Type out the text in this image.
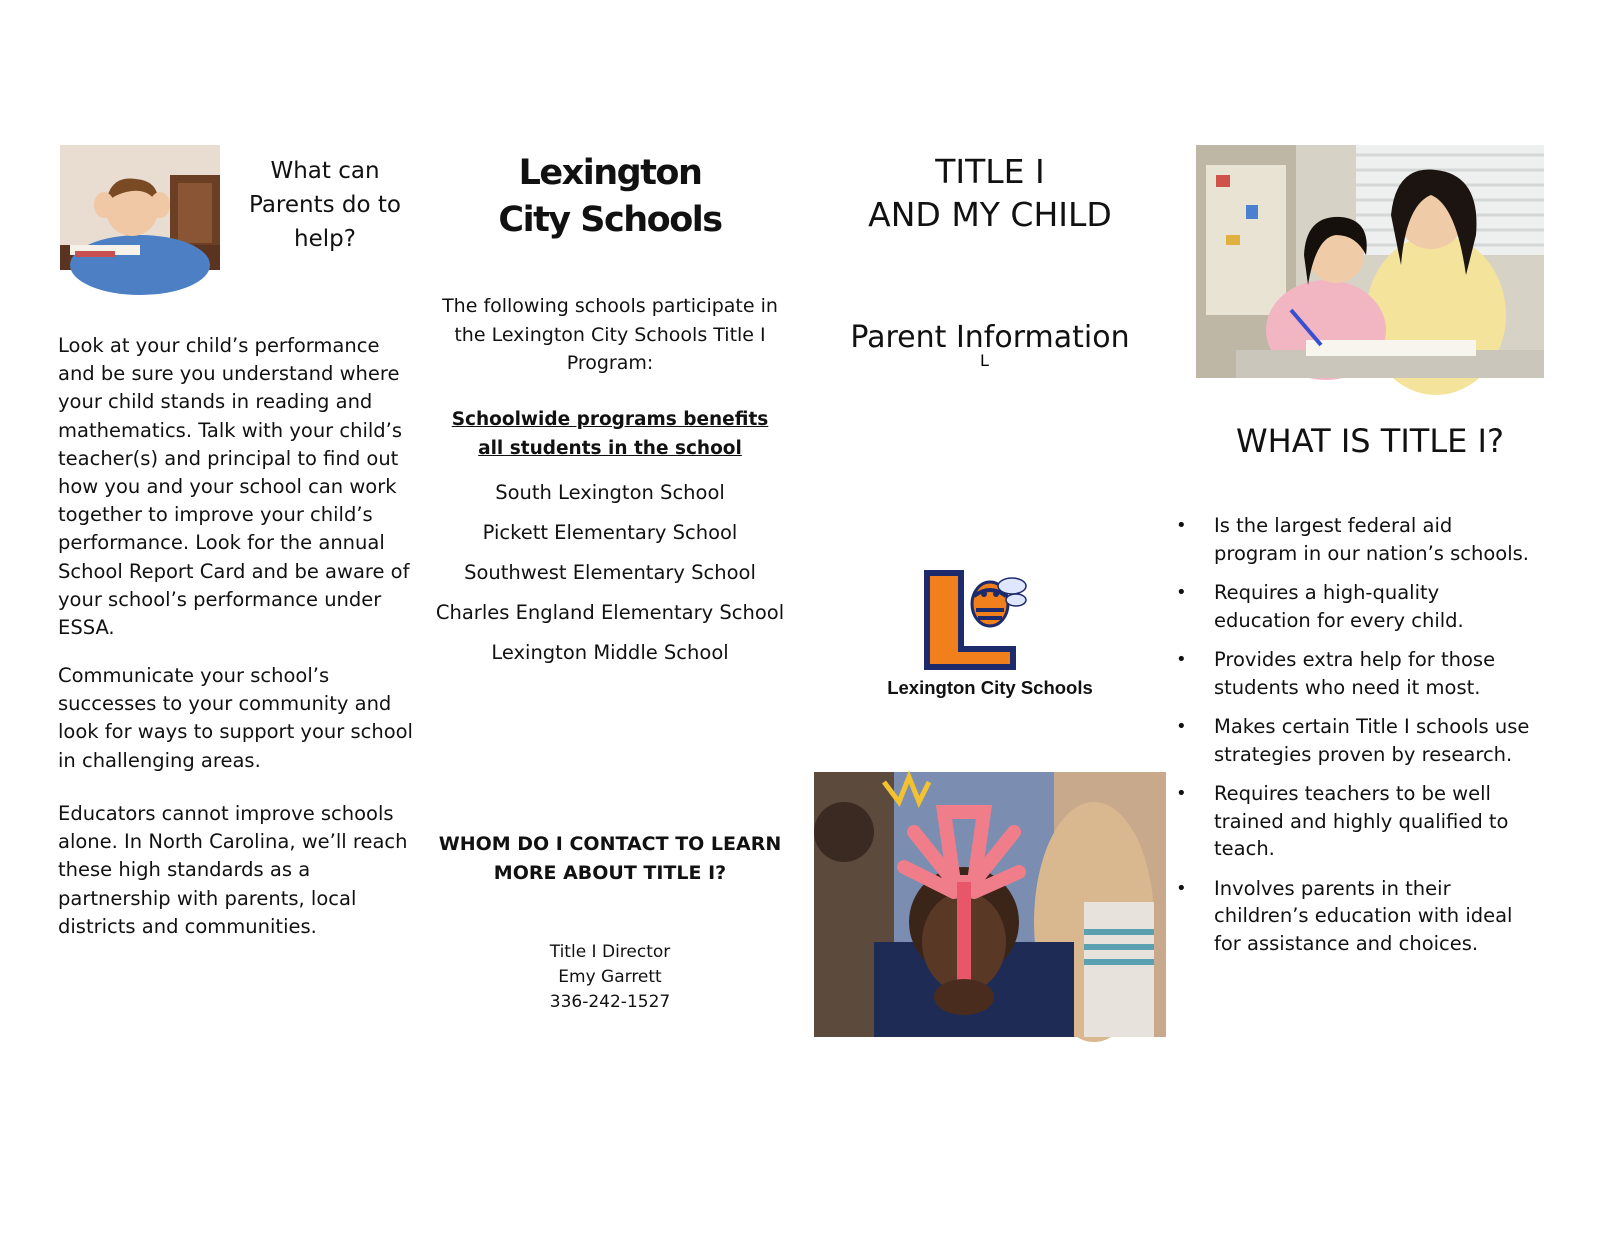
What can Parents do to help?

Look at your child’s performance and be sure you understand where your child stands in reading and mathematics. Talk with your child’s teacher(s) and principal to find out how you and your school can work together to improve your child’s performance. Look for the annual School Report Card and be aware of your school’s performance under ESSA.

Communicate your school’s successes to your community and look for ways to support your school in challenging areas.

Educators cannot improve schools alone. In North Carolina, we’ll reach these high standards as a partnership with parents, local districts and communities.

Lexington
City Schools
The following schools participate in the Lexington City Schools Title I Program:
Schoolwide programs benefits all students in the school
South Lexington School
Pickett Elementary School
Southwest Elementary School
Charles England Elementary School
Lexington Middle School
WHOM DO I CONTACT TO LEARN MORE ABOUT TITLE I?
Title I Director
Emy Garrett
336-242-1527
TITLE I
AND MY CHILD
Parent Information
L
Lexington City Schools
WHAT IS TITLE I?
• Is the largest federal aid program in our nation’s schools.
• Requires a high-quality education for every child.
• Provides extra help for those students who need it most.
• Makes certain Title I schools use strategies proven by research.
• Requires teachers to be well trained and highly qualified to teach.
• Involves parents in their children’s education with ideal for assistance and choices.
